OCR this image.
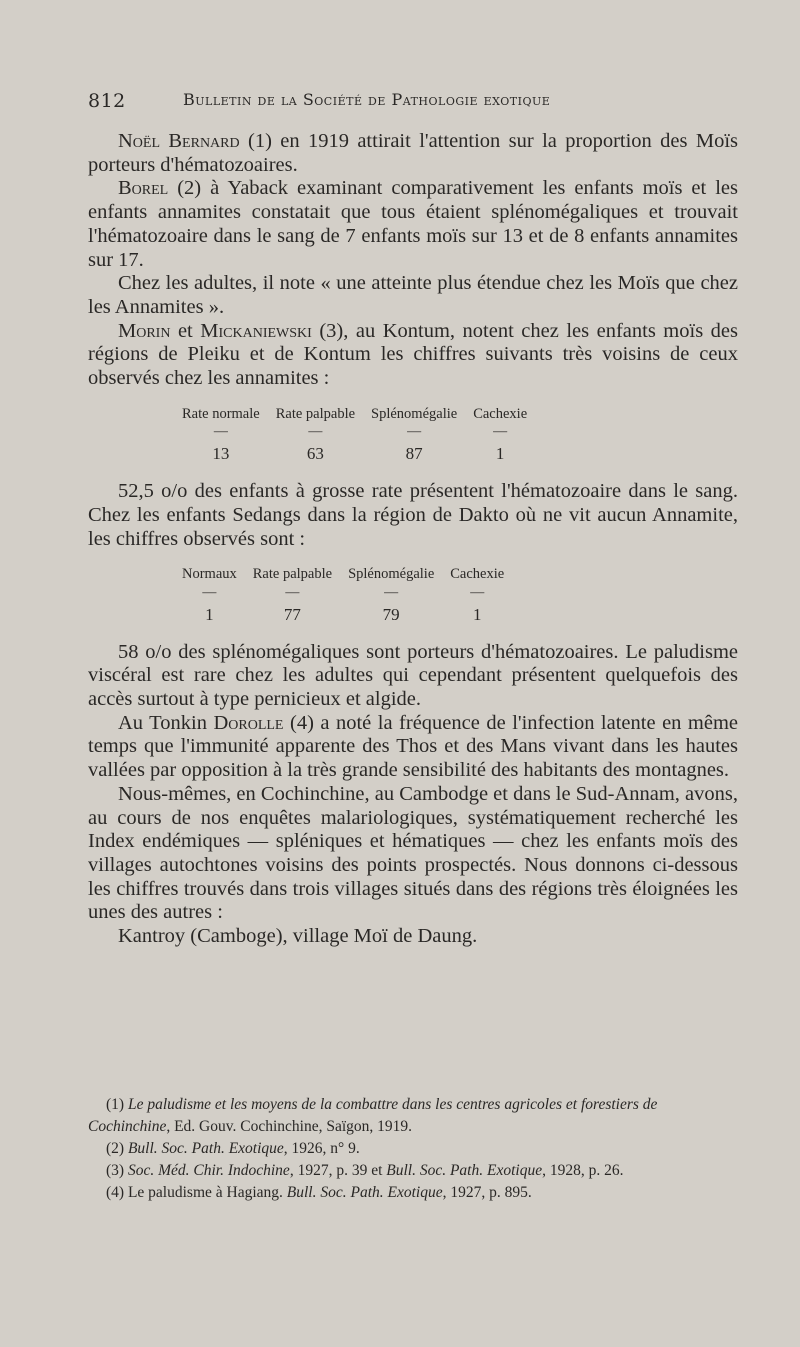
812	Bulletin de la Société de Pathologie exotique

Noël Bernard (1) en 1919 attirait l'attention sur la proportion des Moïs porteurs d'hématozoaires.

Borel (2) à Yaback examinant comparativement les enfants moïs et les enfants annamites constatait que tous étaient splénomégaliques et trouvait l'hématozoaire dans le sang de 7 enfants moïs sur 13 et de 8 enfants annamites sur 17.

Chez les adultes, il note « une atteinte plus étendue chez les Moïs que chez les Annamites ».

Morin et Mickaniewski (3), au Kontum, notent chez les enfants moïs des régions de Pleiku et de Kontum les chiffres suivants très voisins de ceux observés chez les annamites :

Rate normale	Rate palpable	Splénomégalie	Cachexie
—	—	—	—
13	63	87	1

52,5 o/o des enfants à grosse rate présentent l'hématozoaire dans le sang. Chez les enfants Sedangs dans la région de Dakto où ne vit aucun Annamite, les chiffres observés sont :

Normaux	Rate palpable	Splénomégalie	Cachexie
—	—	—	—
1	77	79	1

58 o/o des splénomégaliques sont porteurs d'hématozoaires. Le paludisme viscéral est rare chez les adultes qui cependant présentent quelquefois des accès surtout à type pernicieux et algide.

Au Tonkin Dorolle (4) a noté la fréquence de l'infection latente en même temps que l'immunité apparente des Thos et des Mans vivant dans les hautes vallées par opposition à la très grande sensibilité des habitants des montagnes.

Nous-mêmes, en Cochinchine, au Cambodge et dans le Sud-Annam, avons, au cours de nos enquêtes malariologiques, systématiquement recherché les Index endémiques — spléniques et hématiques — chez les enfants moïs des villages autochtones voisins des points prospectés. Nous donnons ci-dessous les chiffres trouvés dans trois villages situés dans des régions très éloignées les unes des autres :

Kantroy (Camboge), village Moï de Daung.

(1) Le paludisme et les moyens de la combattre dans les centres agricoles et forestiers de Cochinchine, Ed. Gouv. Cochinchine, Saïgon, 1919.

(2) Bull. Soc. Path. Exotique, 1926, n° 9.

(3) Soc. Méd. Chir. Indochine, 1927, p. 39 et Bull. Soc. Path. Exotique, 1928, p. 26.

(4) Le paludisme à Hagiang. Bull. Soc. Path. Exotique, 1927, p. 895.
